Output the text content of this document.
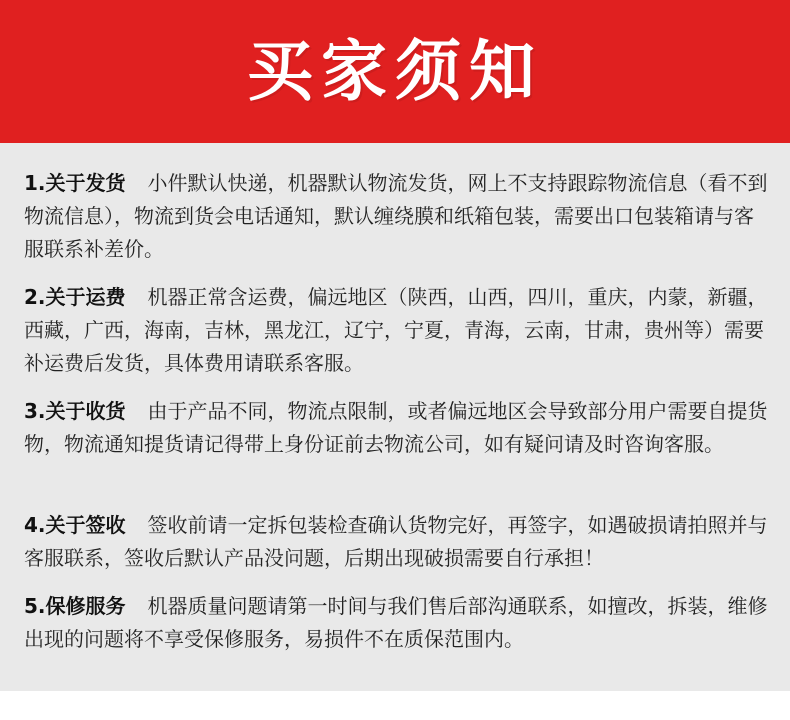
买家须知
1.关于发货 小件默认快递，机器默认物流发货，网上不支持跟踪物流信息（看不到物流信息），物流到货会电话通知，默认缠绕膜和纸箱包装，需要出口包装箱请与客服联系补差价。
2.关于运费 机器正常含运费，偏远地区（陕西，山西，四川，重庆，内蒙，新疆，西藏，广西，海南，吉林，黑龙江，辽宁，宁夏，青海，云南，甘肃，贵州等）需要补运费后发货，具体费用请联系客服。
3.关于收货 由于产品不同，物流点限制，或者偏远地区会导致部分用户需要自提货物，物流通知提货请记得带上身份证前去物流公司，如有疑问请及时咨询客服。
4.关于签收 签收前请一定拆包装检查确认货物完好，再签字，如遇破损请拍照并与客服联系，签收后默认产品没问题，后期出现破损需要自行承担！
5.保修服务 机器质量问题请第一时间与我们售后部沟通联系，如擅改，拆装，维修出现的问题将不享受保修服务，易损件不在质保范围内。
